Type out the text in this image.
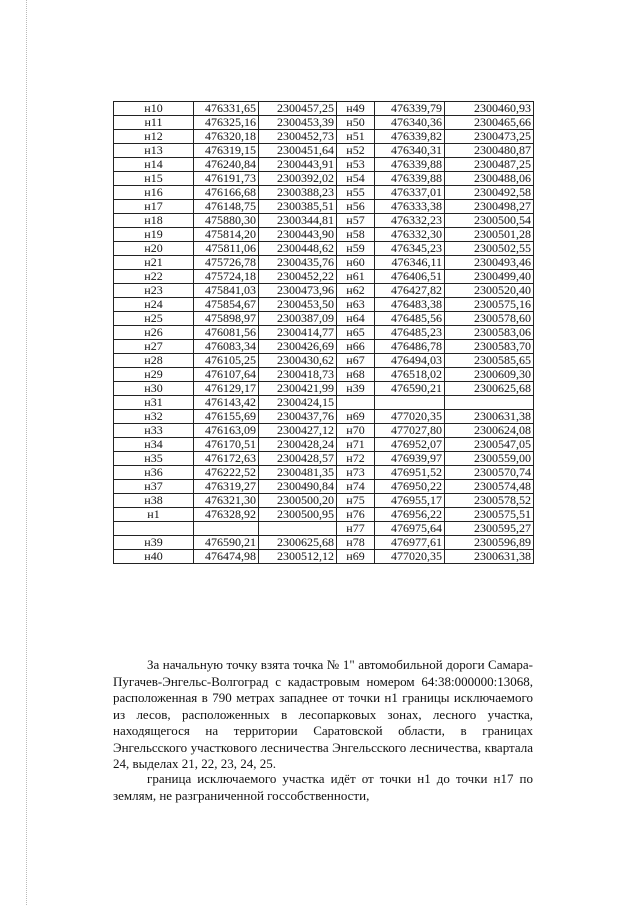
н10	476331,65	2300457,25	н49	476339,79	2300460,93
н11	476325,16	2300453,39	н50	476340,36	2300465,66
н12	476320,18	2300452,73	н51	476339,82	2300473,25
н13	476319,15	2300451,64	н52	476340,31	2300480,87
н14	476240,84	2300443,91	н53	476339,88	2300487,25
н15	476191,73	2300392,02	н54	476339,88	2300488,06
н16	476166,68	2300388,23	н55	476337,01	2300492,58
н17	476148,75	2300385,51	н56	476333,38	2300498,27
н18	475880,30	2300344,81	н57	476332,23	2300500,54
н19	475814,20	2300443,90	н58	476332,30	2300501,28
н20	475811,06	2300448,62	н59	476345,23	2300502,55
н21	475726,78	2300435,76	н60	476346,11	2300493,46
н22	475724,18	2300452,22	н61	476406,51	2300499,40
н23	475841,03	2300473,96	н62	476427,82	2300520,40
н24	475854,67	2300453,50	н63	476483,38	2300575,16
н25	475898,97	2300387,09	н64	476485,56	2300578,60
н26	476081,56	2300414,77	н65	476485,23	2300583,06
н27	476083,34	2300426,69	н66	476486,78	2300583,70
н28	476105,25	2300430,62	н67	476494,03	2300585,65
н29	476107,64	2300418,73	н68	476518,02	2300609,30
н30	476129,17	2300421,99	н39	476590,21	2300625,68
н31	476143,42	2300424,15			
н32	476155,69	2300437,76	н69	477020,35	2300631,38
н33	476163,09	2300427,12	н70	477027,80	2300624,08
н34	476170,51	2300428,24	н71	476952,07	2300547,05
н35	476172,63	2300428,57	н72	476939,97	2300559,00
н36	476222,52	2300481,35	н73	476951,52	2300570,74
н37	476319,27	2300490,84	н74	476950,22	2300574,48
н38	476321,30	2300500,20	н75	476955,17	2300578,52
н1	476328,92	2300500,95	н76	476956,22	2300575,51
			н77	476975,64	2300595,27
н39	476590,21	2300625,68	н78	476977,61	2300596,89
н40	476474,98	2300512,12	н69	477020,35	2300631,38

За начальную точку взята точка № 1" автомобильной дороги Самара-Пугачев-Энгельс-Волгоград с кадастровым номером 64:38:000000:13068, расположенная в 790 метрах западнее от точки н1 границы исключаемого из лесов, расположенных в лесопарковых зонах, лесного участка, находящегося на территории Саратовской области, в границах Энгельсского участкового лесничества Энгельсского лесничества, квартала 24, выделах 21, 22, 23, 24, 25.

граница исключаемого участка идёт от точки н1 до точки н17 по землям, не разграниченной госсобственности,
